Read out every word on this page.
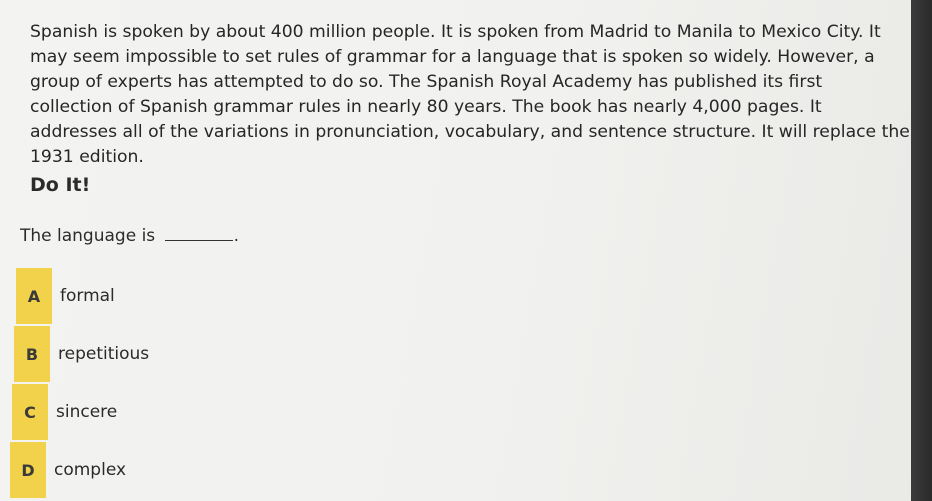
Spanish is spoken by about 400 million people. It is spoken from Madrid to Manila to Mexico City. It may seem impossible to set rules of grammar for a language that is spoken so widely. However, a group of experts has attempted to do so. The Spanish Royal Academy has published its first collection of Spanish grammar rules in nearly 80 years. The book has nearly 4,000 pages. It addresses all of the variations in pronunciation, vocabulary, and sentence structure. It will replace the 1931 edition.

Do It!

The language is	.

A	formal
B	repetitious
C	sincere
D	complex
